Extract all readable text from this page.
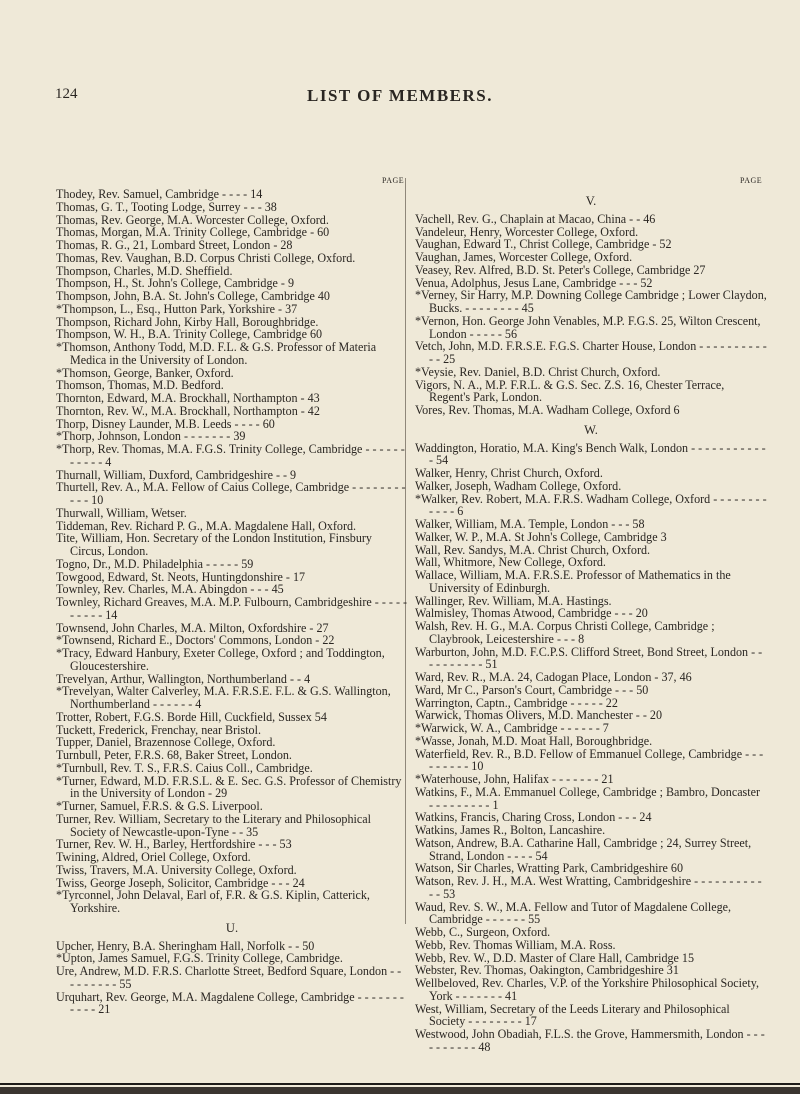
124	LIST OF MEMBERS.
PAGE	PAGE
Thodey, Rev. Samuel, Cambridge - - - - 14
Thomas, G. T., Tooting Lodge, Surrey - - - 38
Thomas, Rev. George, M.A. Worcester College, Oxford.
Thomas, Morgan, M.A. Trinity College, Cambridge - 60
Thomas, R. G., 21, Lombard Street, London - 28
Thomas, Rev. Vaughan, B.D. Corpus Christi College, Oxford.
Thompson, Charles, M.D. Sheffield.
Thompson, H., St. John's College, Cambridge - 9
Thompson, John, B.A. St. John's College, Cambridge 40
*Thompson, L., Esq., Hutton Park, Yorkshire - 37
Thompson, Richard John, Kirby Hall, Boroughbridge.
Thompson, W. H., B.A. Trinity College, Cambridge 60
*Thomson, Anthony Todd, M.D. F.L. & G.S. Professor of Materia Medica in the University of London.
*Thomson, George, Banker, Oxford.
Thomson, Thomas, M.D. Bedford.
Thornton, Edward, M.A. Brockhall, Northampton - 43
Thornton, Rev. W., M.A. Brockhall, Northampton - 42
Thorp, Disney Launder, M.B. Leeds - - - - 60
*Thorp, Johnson, London - - - - - - - 39
*Thorp, Rev. Thomas, M.A. F.G.S. Trinity College, Cambridge - - - - - - - - - - - 4
Thurnall, William, Duxford, Cambridgeshire - - 9
Thurtell, Rev. A., M.A. Fellow of Caius College, Cambridge - - - - - - - - - - - 10
Thurwall, William, Wetser.
Tiddeman, Rev. Richard P. G., M.A. Magdalene Hall, Oxford.
Tite, William, Hon. Secretary of the London Institution, Finsbury Circus, London.
Togno, Dr., M.D. Philadelphia - - - - - 59
Towgood, Edward, St. Neots, Huntingdonshire - 17
Townley, Rev. Charles, M.A. Abingdon - - - 45
Townley, Richard Greaves, M.A. M.P. Fulbourn, Cambridgeshire - - - - - - - - - - 14
Townsend, John Charles, M.A. Milton, Oxfordshire - 27
*Townsend, Richard E., Doctors' Commons, London - 22
*Tracy, Edward Hanbury, Exeter College, Oxford ; and Toddington, Gloucestershire.
Trevelyan, Arthur, Wallington, Northumberland - - 4
*Trevelyan, Walter Calverley, M.A. F.R.S.E. F.L. & G.S. Wallington, Northumberland - - - - - - 4
Trotter, Robert, F.G.S. Borde Hill, Cuckfield, Sussex 54
Tuckett, Frederick, Frenchay, near Bristol.
Tupper, Daniel, Brazennose College, Oxford.
Turnbull, Peter, F.R.S. 68, Baker Street, London.
*Turnbull, Rev. T. S., F.R.S. Caius Coll., Cambridge.
*Turner, Edward, M.D. F.R.S.L. & E. Sec. G.S. Professor of Chemistry in the University of London - 29
*Turner, Samuel, F.R.S. & G.S. Liverpool.
Turner, Rev. William, Secretary to the Literary and Philosophical Society of Newcastle-upon-Tyne - - 35
Turner, Rev. W. H., Barley, Hertfordshire - - - 53
Twining, Aldred, Oriel College, Oxford.
Twiss, Travers, M.A. University College, Oxford.
Twiss, George Joseph, Solicitor, Cambridge - - - 24
*Tyrconnel, John Delaval, Earl of, F.R. & G.S. Kiplin, Catterick, Yorkshire.
U.
Upcher, Henry, B.A. Sheringham Hall, Norfolk - - 50
*Upton, James Samuel, F.G.S. Trinity College, Cambridge.
Ure, Andrew, M.D. F.R.S. Charlotte Street, Bedford Square, London - - - - - - - - - 55
Urquhart, Rev. George, M.A. Magdalene College, Cambridge - - - - - - - - - - - 21
V.
Vachell, Rev. G., Chaplain at Macao, China - - 46
Vandeleur, Henry, Worcester College, Oxford.
Vaughan, Edward T., Christ College, Cambridge - 52
Vaughan, James, Worcester College, Oxford.
Veasey, Rev. Alfred, B.D. St. Peter's College, Cambridge 27
Venua, Adolphus, Jesus Lane, Cambridge - - - 52
*Verney, Sir Harry, M.P. Downing College Cambridge ; Lower Claydon, Bucks. - - - - - - - - 45
*Vernon, Hon. George John Venables, M.P. F.G.S. 25, Wilton Crescent, London - - - - - 56
Vetch, John, M.D. F.R.S.E. F.G.S. Charter House, London - - - - - - - - - - - - 25
*Veysie, Rev. Daniel, B.D. Christ Church, Oxford.
Vigors, N. A., M.P. F.R.L. & G.S. Sec. Z.S. 16, Chester Terrace, Regent's Park, London.
Vores, Rev. Thomas, M.A. Wadham College, Oxford 6
W.
Waddington, Horatio, M.A. King's Bench Walk, London - - - - - - - - - - - - 54
Walker, Henry, Christ Church, Oxford.
Walker, Joseph, Wadham College, Oxford.
*Walker, Rev. Robert, M.A. F.R.S. Wadham College, Oxford - - - - - - - - - - - - 6
Walker, William, M.A. Temple, London - - - 58
Walker, W. P., M.A. St John's College, Cambridge 3
Wall, Rev. Sandys, M.A. Christ Church, Oxford.
Wall, Whitmore, New College, Oxford.
Wallace, William, M.A. F.R.S.E. Professor of Mathematics in the University of Edinburgh.
Wallinger, Rev. William, M.A. Hastings.
Walmisley, Thomas Atwood, Cambridge - - - 20
Walsh, Rev. H. G., M.A. Corpus Christi College, Cambridge ; Claybrook, Leicestershire - - - 8
Warburton, John, M.D. F.C.P.S. Clifford Street, Bond Street, London - - - - - - - - - - 51
Ward, Rev. R., M.A. 24, Cadogan Place, London - 37, 46
Ward, Mr C., Parson's Court, Cambridge - - - 50
Warrington, Captn., Cambridge - - - - - 22
Warwick, Thomas Olivers, M.D. Manchester - - 20
*Warwick, W. A., Cambridge - - - - - - 7
*Wasse, Jonah, M.D. Moat Hall, Boroughbridge.
Waterfield, Rev. R., B.D. Fellow of Emmanuel College, Cambridge - - - - - - - - - 10
*Waterhouse, John, Halifax - - - - - - - 21
Watkins, F., M.A. Emmanuel College, Cambridge ; Bambro, Doncaster - - - - - - - - - 1
Watkins, Francis, Charing Cross, London - - - 24
Watkins, James R., Bolton, Lancashire.
Watson, Andrew, B.A. Catharine Hall, Cambridge ; 24, Surrey Street, Strand, London - - - - 54
Watson, Sir Charles, Wratting Park, Cambridgeshire 60
Watson, Rev. J. H., M.A. West Wratting, Cambridgeshire - - - - - - - - - - - - 53
Waud, Rev. S. W., M.A. Fellow and Tutor of Magdalene College, Cambridge - - - - - - 55
Webb, C., Surgeon, Oxford.
Webb, Rev. Thomas William, M.A. Ross.
Webb, Rev. W., D.D. Master of Clare Hall, Cambridge 15
Webster, Rev. Thomas, Oakington, Cambridgeshire 31
Wellbeloved, Rev. Charles, V.P. of the Yorkshire Philosophical Society, York - - - - - - - 41
West, William, Secretary of the Leeds Literary and Philosophical Society - - - - - - - - 17
Westwood, John Obadiah, F.L.S. the Grove, Hammersmith, London - - - - - - - - - - 48
